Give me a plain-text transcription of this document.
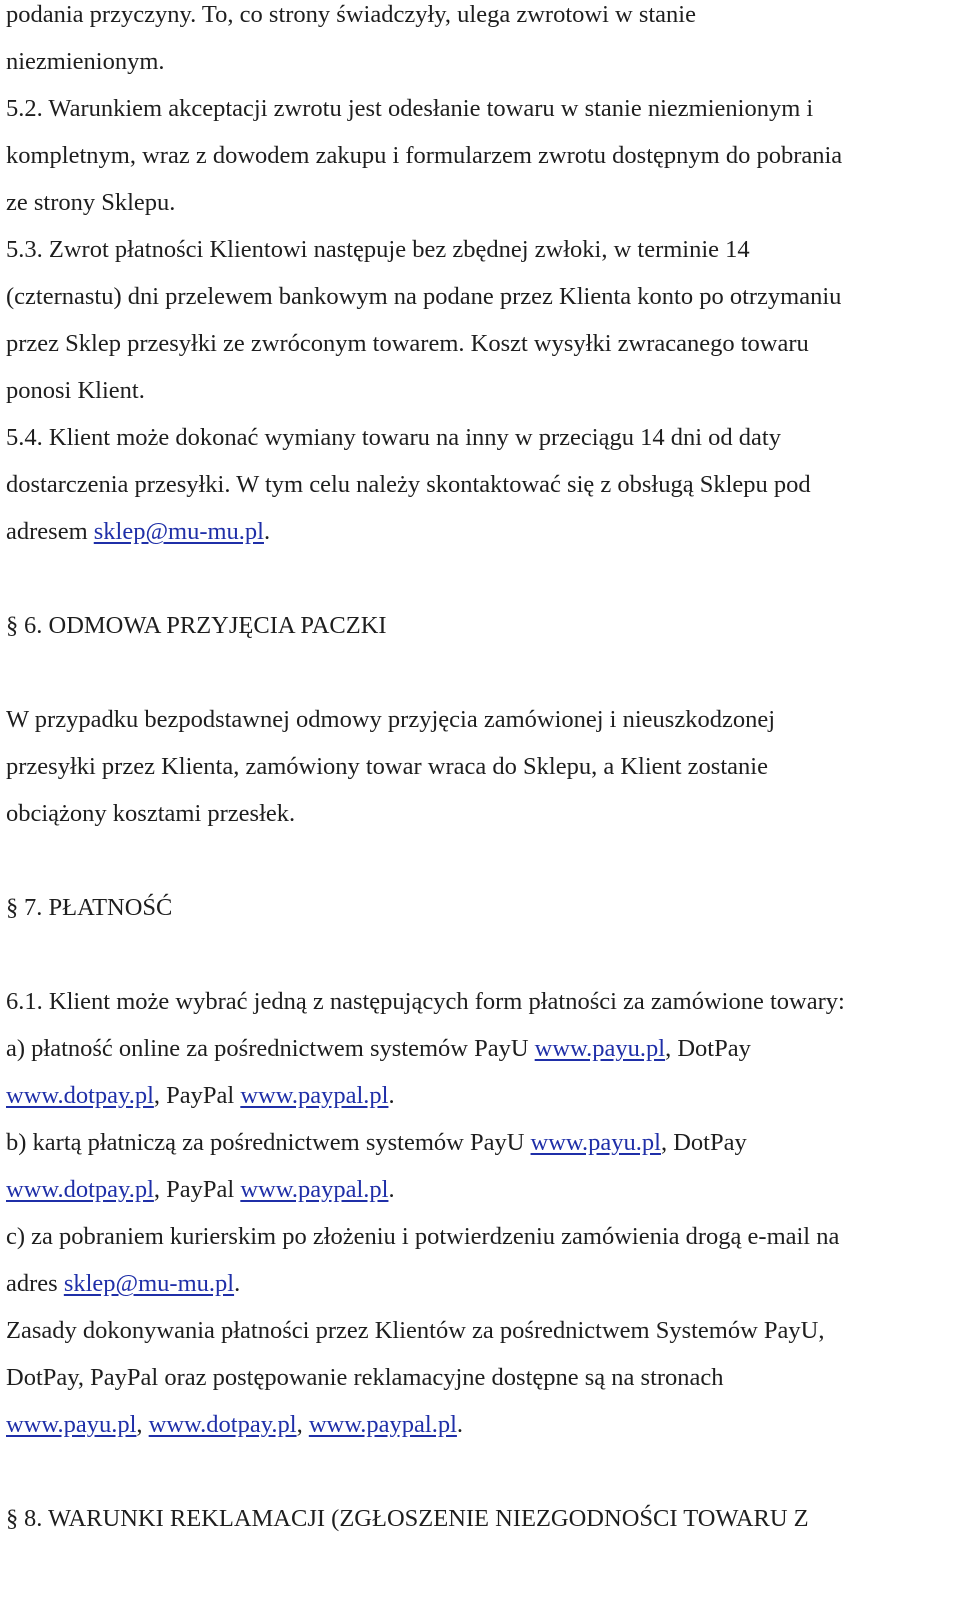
podania przyczyny. To, co strony świadczyły, ulega zwrotowi w stanie
niezmienionym.
5.2. Warunkiem akceptacji zwrotu jest odesłanie towaru w stanie niezmienionym i
kompletnym, wraz z dowodem zakupu i formularzem zwrotu dostępnym do pobrania
ze strony Sklepu.
5.3. Zwrot płatności Klientowi następuje bez zbędnej zwłoki, w terminie 14
(czternastu) dni przelewem bankowym na podane przez Klienta konto po otrzymaniu
przez Sklep przesyłki ze zwróconym towarem. Koszt wysyłki zwracanego towaru
ponosi Klient.
5.4. Klient może dokonać wymiany towaru na inny w przeciągu 14 dni od daty
dostarczenia przesyłki. W tym celu należy skontaktować się z obsługą Sklepu pod
adresem sklep@mu-mu.pl.
§ 6. ODMOWA PRZYJĘCIA PACZKI
W przypadku bezpodstawnej odmowy przyjęcia zamówionej i nieuszkodzonej
przesyłki przez Klienta, zamówiony towar wraca do Sklepu, a Klient zostanie
obciążony kosztami przesłek.
§ 7. PŁATNOŚĆ
6.1. Klient może wybrać jedną z następujących form płatności za zamówione towary:
a) płatność online za pośrednictwem systemów PayU www.payu.pl, DotPay
www.dotpay.pl, PayPal www.paypal.pl.
b) kartą płatniczą za pośrednictwem systemów PayU www.payu.pl, DotPay
www.dotpay.pl, PayPal www.paypal.pl.
c) za pobraniem kurierskim po złożeniu i potwierdzeniu zamówienia drogą e-mail na
adres sklep@mu-mu.pl.
Zasady dokonywania płatności przez Klientów za pośrednictwem Systemów PayU,
DotPay, PayPal oraz postępowanie reklamacyjne dostępne są na stronach
www.payu.pl, www.dotpay.pl, www.paypal.pl.
§ 8. WARUNKI REKLAMACJI (ZGŁOSZENIE NIEZGODNOŚCI TOWARU Z
